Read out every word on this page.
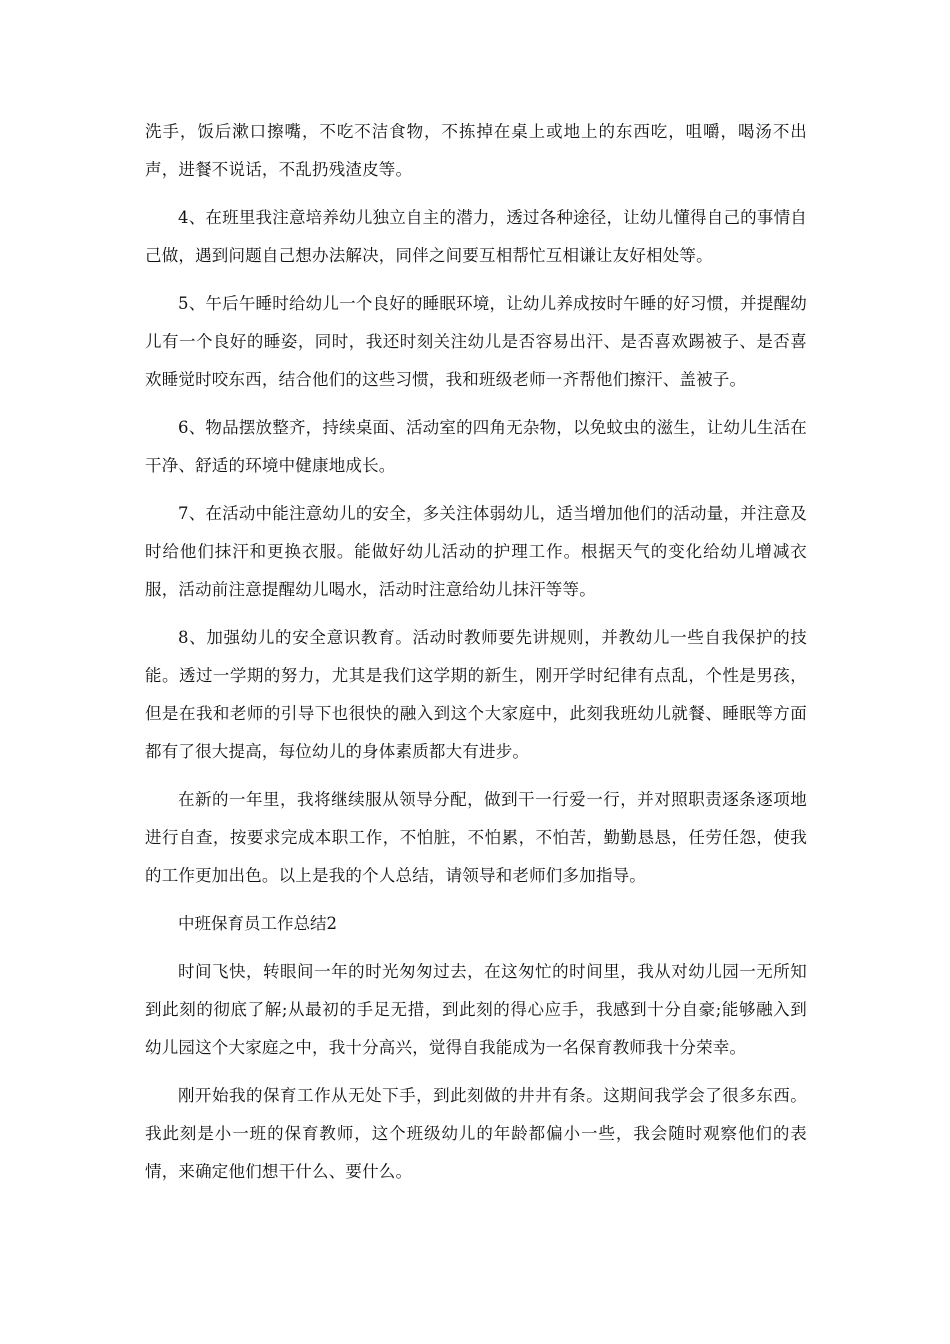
洗手，饭后漱口擦嘴，不吃不洁食物，不拣掉在桌上或地上的东西吃，咀嚼，喝汤不出声，进餐不说话，不乱扔残渣皮等。

4、在班里我注意培养幼儿独立自主的潜力，透过各种途径，让幼儿懂得自己的事情自己做，遇到问题自己想办法解决，同伴之间要互相帮忙互相谦让友好相处等。

5、午后午睡时给幼儿一个良好的睡眠环境，让幼儿养成按时午睡的好习惯，并提醒幼儿有一个良好的睡姿，同时，我还时刻关注幼儿是否容易出汗、是否喜欢踢被子、是否喜欢睡觉时咬东西，结合他们的这些习惯，我和班级老师一齐帮他们擦汗、盖被子。

6、物品摆放整齐，持续桌面、活动室的四角无杂物，以免蚊虫的滋生，让幼儿生活在干净、舒适的环境中健康地成长。

7、在活动中能注意幼儿的安全，多关注体弱幼儿，适当增加他们的活动量，并注意及时给他们抹汗和更换衣服。能做好幼儿活动的护理工作。根据天气的变化给幼儿增减衣服，活动前注意提醒幼儿喝水，活动时注意给幼儿抹汗等等。

8、加强幼儿的安全意识教育。活动时教师要先讲规则，并教幼儿一些自我保护的技能。透过一学期的努力，尤其是我们这学期的新生，刚开学时纪律有点乱，个性是男孩，但是在我和老师的引导下也很快的融入到这个大家庭中，此刻我班幼儿就餐、睡眠等方面都有了很大提高，每位幼儿的身体素质都大有进步。

在新的一年里，我将继续服从领导分配，做到干一行爱一行，并对照职责逐条逐项地进行自查，按要求完成本职工作，不怕脏，不怕累，不怕苦，勤勤恳恳，任劳任怨，使我的工作更加出色。以上是我的个人总结，请领导和老师们多加指导。

中班保育员工作总结2

时间飞快，转眼间一年的时光匆匆过去，在这匆忙的时间里，我从对幼儿园一无所知到此刻的彻底了解;从最初的手足无措，到此刻的得心应手，我感到十分自豪;能够融入到幼儿园这个大家庭之中，我十分高兴，觉得自我能成为一名保育教师我十分荣幸。

刚开始我的保育工作从无处下手，到此刻做的井井有条。这期间我学会了很多东西。我此刻是小一班的保育教师，这个班级幼儿的年龄都偏小一些，我会随时观察他们的表情，来确定他们想干什么、要什么。
